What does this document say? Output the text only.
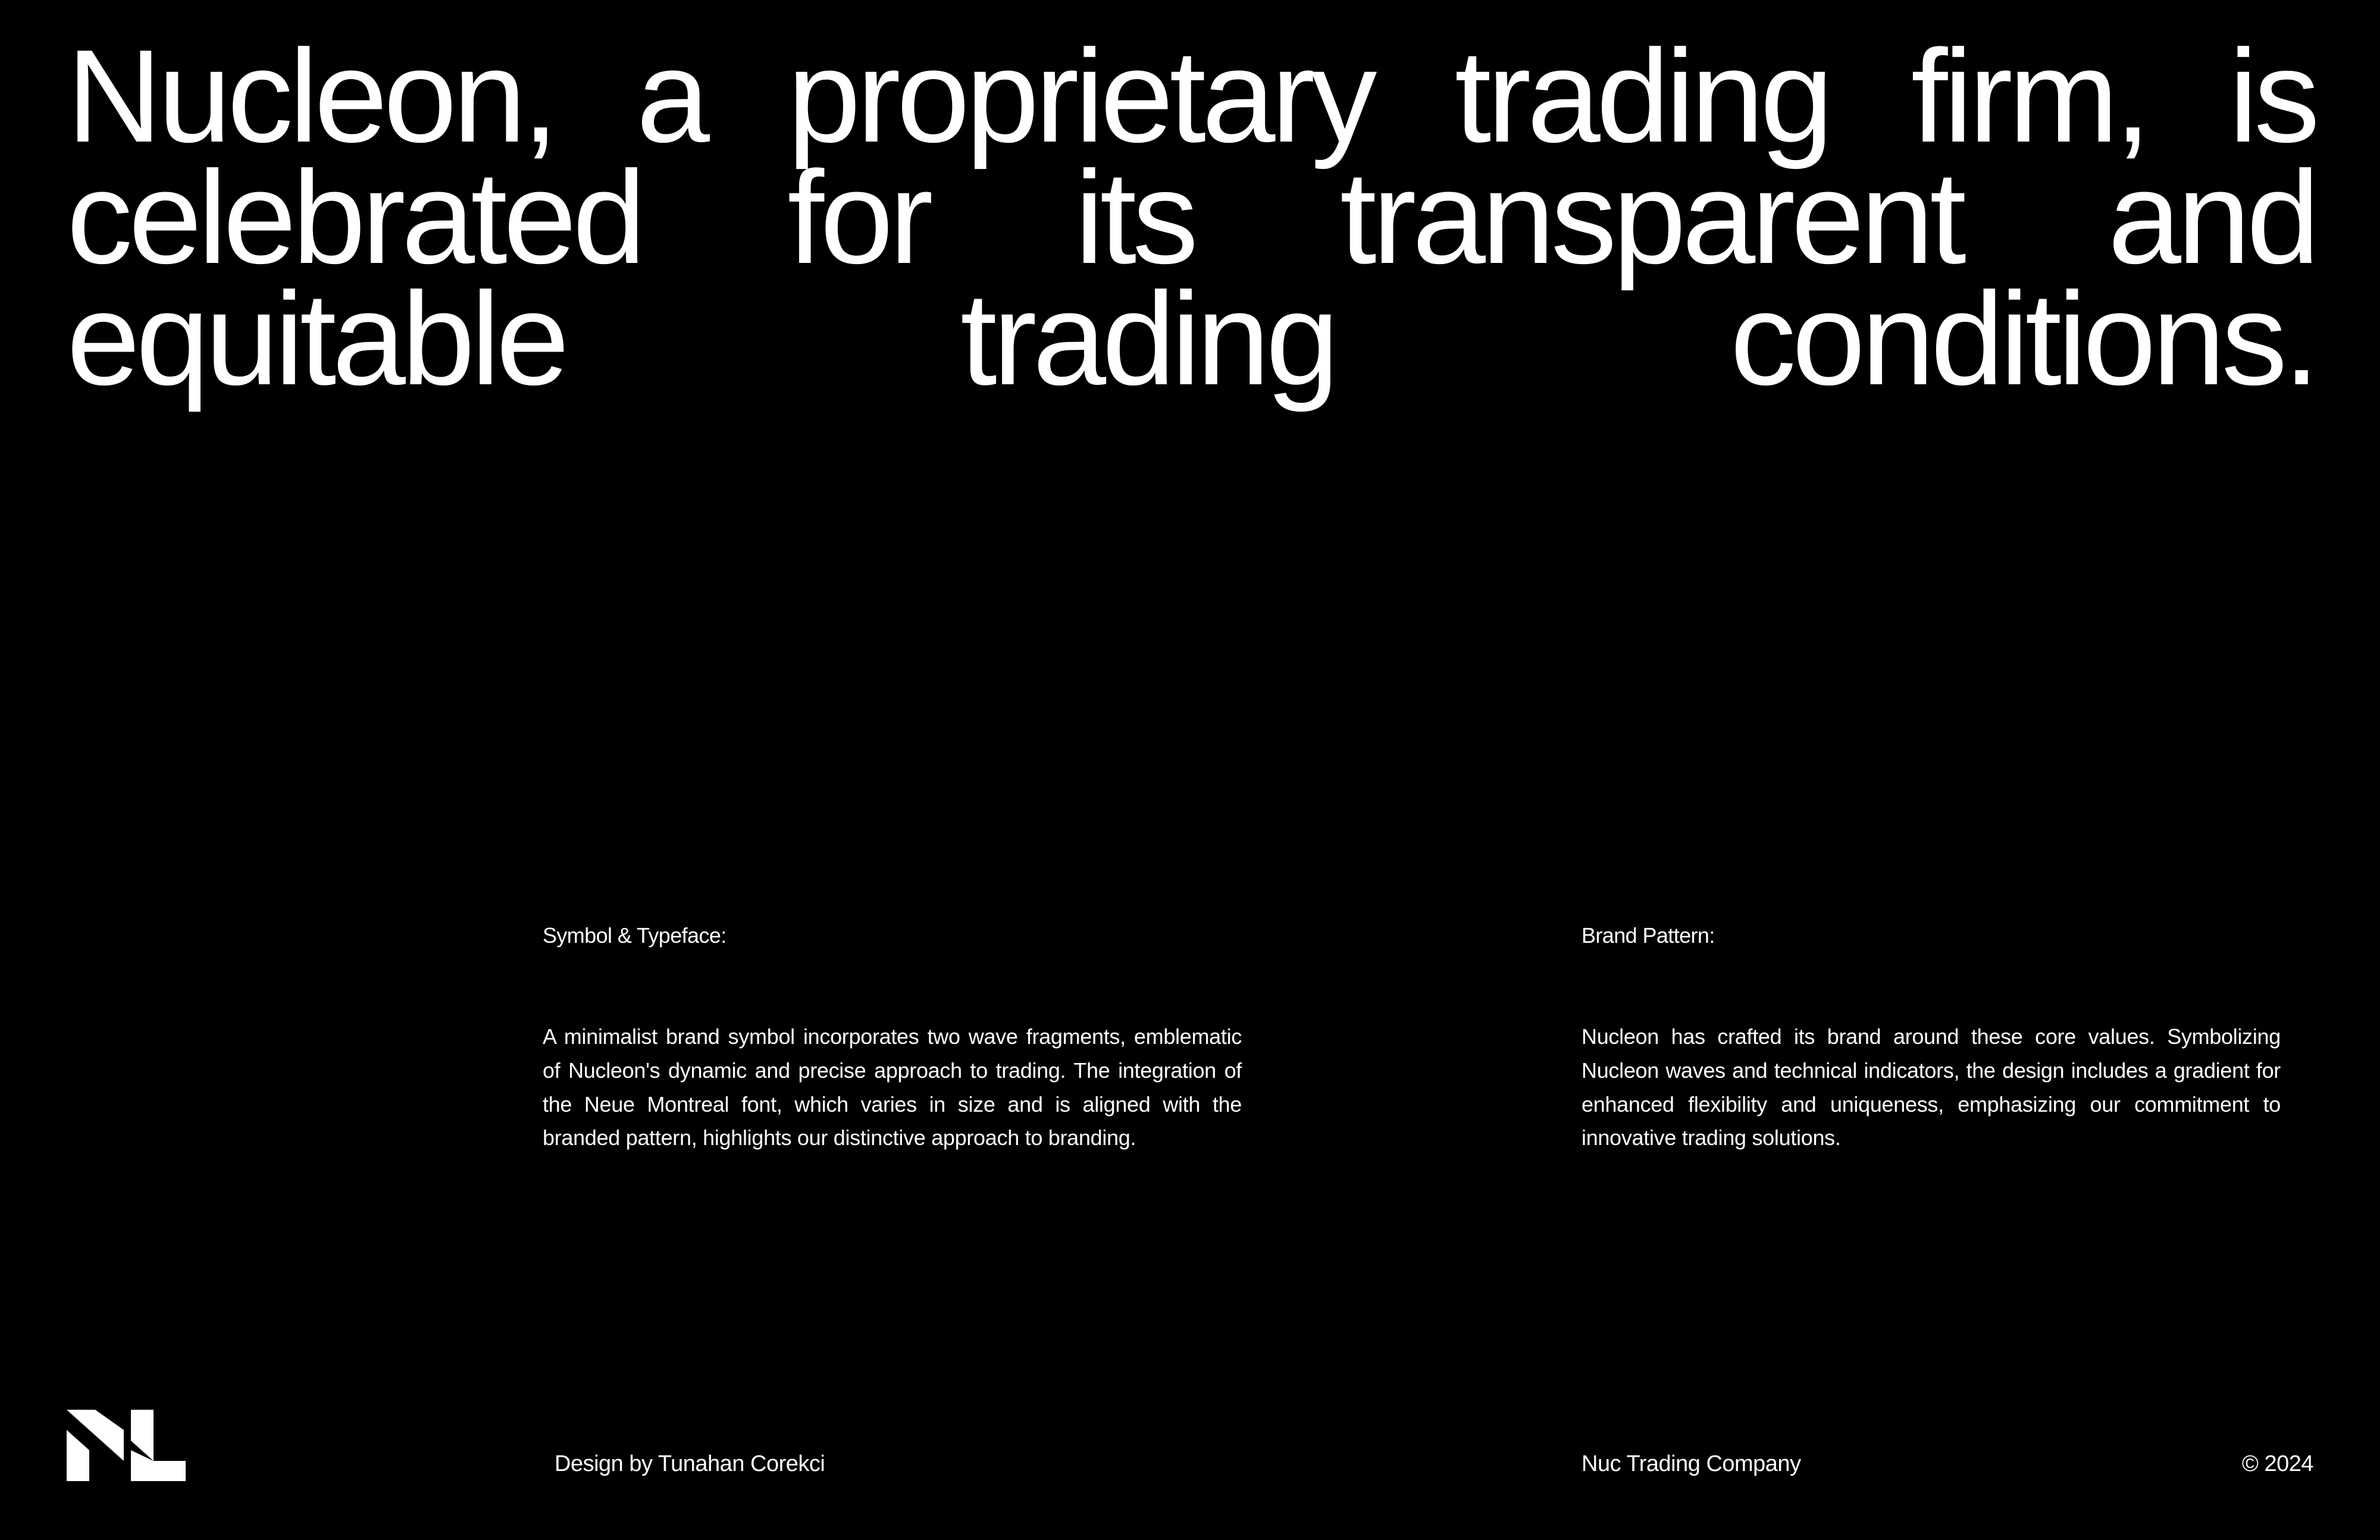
Nucleon, a proprietary trading firm, is celebrated for its transparent and equitable trading conditions.
Symbol & Typeface:

A minimalist brand symbol incorporates two wave fragments, emblematic of Nucleon's dynamic and precise approach to trading. The integration of the Neue Montreal font, which varies in size and is aligned with the branded pattern, highlights our distinctive approach to branding.

Brand Pattern:

Nucleon has crafted its brand around these core values. Symbolizing Nucleon waves and technical indicators, the design includes a gradient for enhanced flexibility and uniqueness, emphasizing our commitment to innovative trading solutions.

Design by Tunahan Corekci	Nuc Trading Company	© 2024
